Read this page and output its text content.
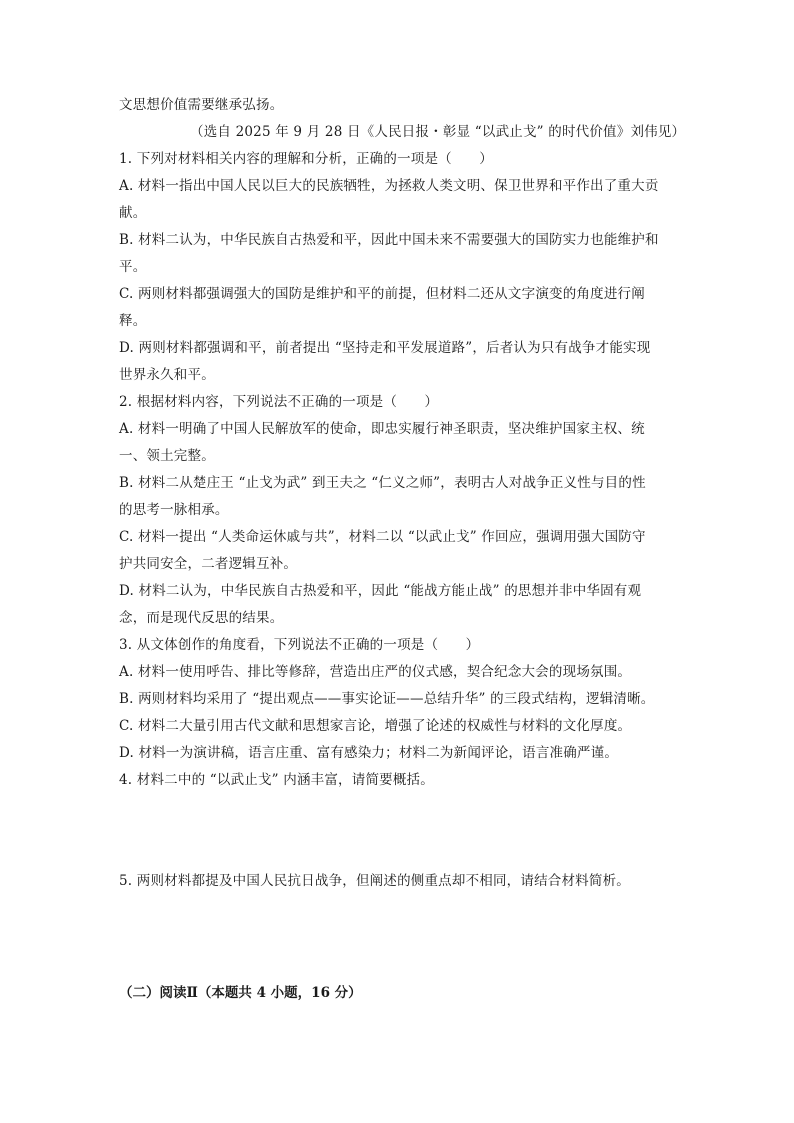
文思想价值需要继承弘扬。
（选自 2025 年 9 月 28 日《人民日报・彰显 “以武止戈” 的时代价值》刘伟见）
1. 下列对材料相关内容的理解和分析，正确的一项是（　　）
A. 材料一指出中国人民以巨大的民族牺牲，为拯救人类文明、保卫世界和平作出了重大贡
献。
B. 材料二认为，中华民族自古热爱和平，因此中国未来不需要强大的国防实力也能维护和
平。
C. 两则材料都强调强大的国防是维护和平的前提，但材料二还从文字演变的角度进行阐
释。
D. 两则材料都强调和平，前者提出 “坚持走和平发展道路”，后者认为只有战争才能实现
世界永久和平。
2. 根据材料内容，下列说法不正确的一项是（　　）
A. 材料一明确了中国人民解放军的使命，即忠实履行神圣职责，坚决维护国家主权、统
一、领土完整。
B. 材料二从楚庄王 “止戈为武” 到王夫之 “仁义之师”，表明古人对战争正义性与目的性
的思考一脉相承。
C. 材料一提出 “人类命运休戚与共”，材料二以 “以武止戈” 作回应，强调用强大国防守
护共同安全，二者逻辑互补。
D. 材料二认为，中华民族自古热爱和平，因此 “能战方能止战” 的思想并非中华固有观
念，而是现代反思的结果。
3. 从文体创作的角度看，下列说法不正确的一项是（　　）
A. 材料一使用呼告、排比等修辞，营造出庄严的仪式感，契合纪念大会的现场氛围。
B. 两则材料均采用了 “提出观点——事实论证——总结升华” 的三段式结构，逻辑清晰。
C. 材料二大量引用古代文献和思想家言论，增强了论述的权威性与材料的文化厚度。
D. 材料一为演讲稿，语言庄重、富有感染力；材料二为新闻评论，语言准确严谨。
4. 材料二中的 “以武止戈” 内涵丰富，请简要概括。
5. 两则材料都提及中国人民抗日战争，但阐述的侧重点却不相同，请结合材料简析。
（二）阅读Ⅱ（本题共 4 小题，16 分）
